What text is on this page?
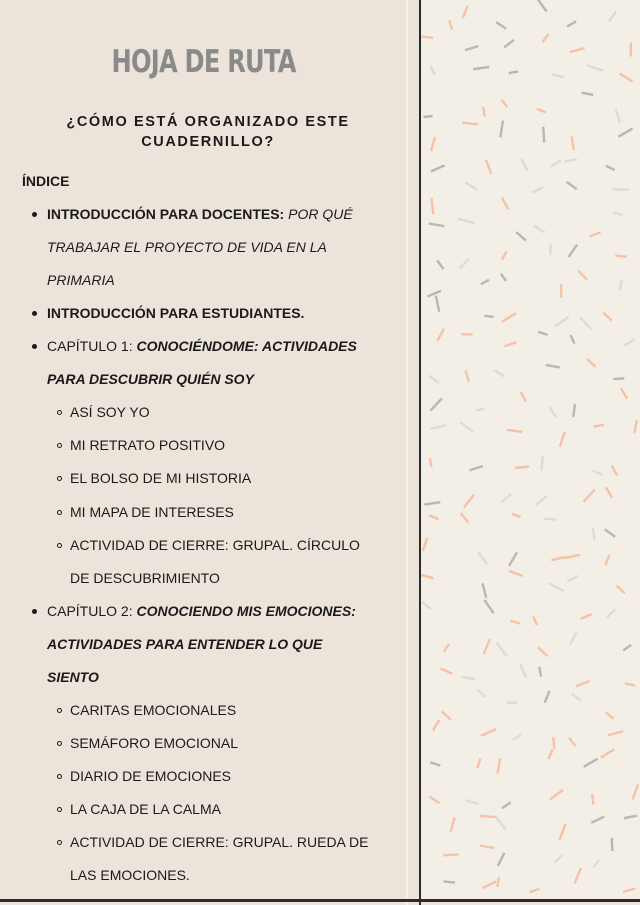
HOJA DE RUTA
¿CÓMO ESTÁ ORGANIZADO ESTE
CUADERNILLO?
ÍNDICE
INTRODUCCIÓN PARA DOCENTES: POR QUÉ
TRABAJAR EL PROYECTO DE VIDA EN LA
PRIMARIA
INTRODUCCIÓN PARA ESTUDIANTES.
CAPÍTULO 1: CONOCIÉNDOME: ACTIVIDADES
PARA DESCUBRIR QUIÉN SOY
ASÍ SOY YO
MI RETRATO POSITIVO
EL BOLSO DE MI HISTORIA
MI MAPA DE INTERESES
ACTIVIDAD DE CIERRE: GRUPAL. CÍRCULO
DE DESCUBRIMIENTO
CAPÍTULO 2: CONOCIENDO MIS EMOCIONES:
ACTIVIDADES PARA ENTENDER LO QUE
SIENTO
CARITAS EMOCIONALES
SEMÁFORO EMOCIONAL
DIARIO DE EMOCIONES
LA CAJA DE LA CALMA
ACTIVIDAD DE CIERRE: GRUPAL. RUEDA DE
LAS EMOCIONES.
